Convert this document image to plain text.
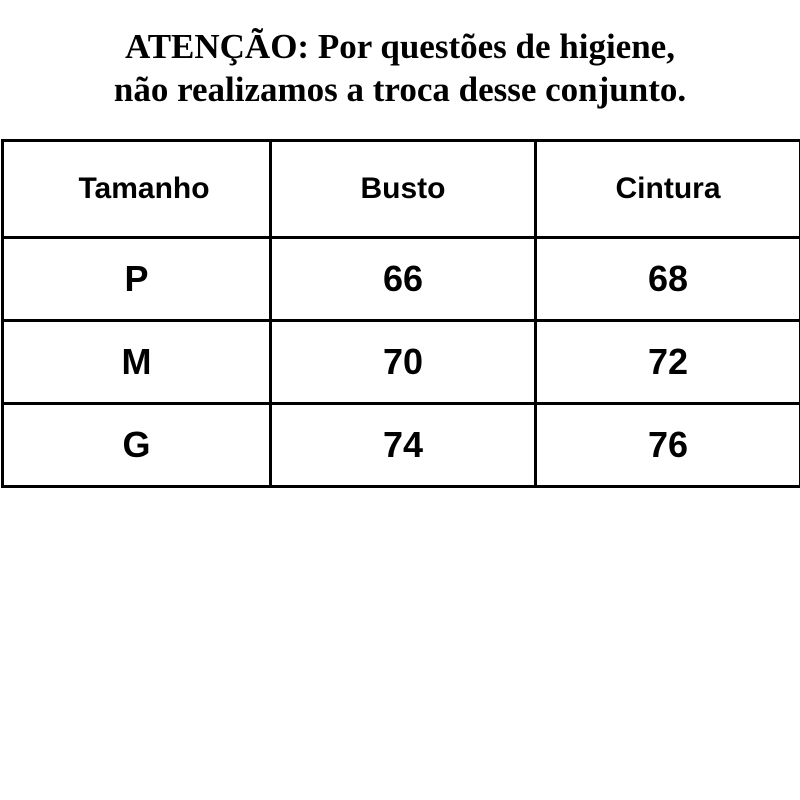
ATENÇÃO: Por questões de higiene,
não realizamos a troca desse conjunto.
Tamanho	Busto	Cintura
P	66	68
M	70	72
G	74	76
